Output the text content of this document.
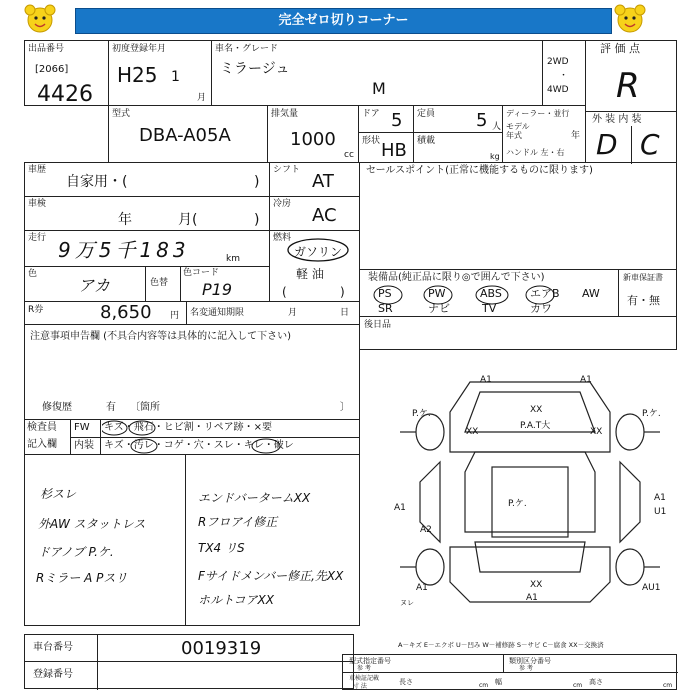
完全ゼロ切りコーナー
出品番号
[2066]
4426
初度登録年月
H25 1
月
車名・グレード
ミラージュ
M
2WD
・
4WD
評 価 点
R
外 装 内 装
D C
型式
DBA-A05A
排気量
1000
cc
ドア 5 定員 5 人
ディーラー・並行
モデル
年式	年
ハンドル 左・右
形状 HB 積載
kg
車歴
自家用・(	)
シフト
AT
車検
年	月(	)
冷房
AC
走行 9万5千183	km
燃料
ガソリン
軽 油
(	)
色
アカ	色替
色コード
P19
R券	8,650 円 名変通知期限	月	日
注意事項申告欄 (不具合内容等は具体的に記入して下さい)
修復歴	有 〔箇所	〕
検査員
記入欄
FW キズ・飛石・ヒビ割・リペア跡・×要
内装 キズ・汚レ・コゲ・穴・スレ・キレ・破レ
杉スレ
外AW スタットレス
ドアノブ P.ケ.
Rミラー A Pスリ
エンドバータームXX
Rフロアイ修正
TX4 リS
Fサイドメンバー修正,先XX
ホルトコアXX
セールスポイント(正常に機能するものに限ります)
装備品(純正品に限り◎で囲んで下さい)
PS	PW	ABS	エアB AW
SR	ナビ	TV	カワ
新車保証書
有・無
後日品
A1	A1
XX
P.A.T大
P.ケ.
XX
P.ケ.
XX
P.ケ.
A1
A1
U1
A2
XX
A1
A1	AU1
ヌレ
車台番号	0019319
登録番号
A－キズ E－エクボ U－凹み W－補修跡 S－サビ C－腐食 XX－交換済
型式指定番号
参 考
類別区分番号
参 考
車検証記載
寸 法
長さ	cm 幅	cm 高さ	cm
